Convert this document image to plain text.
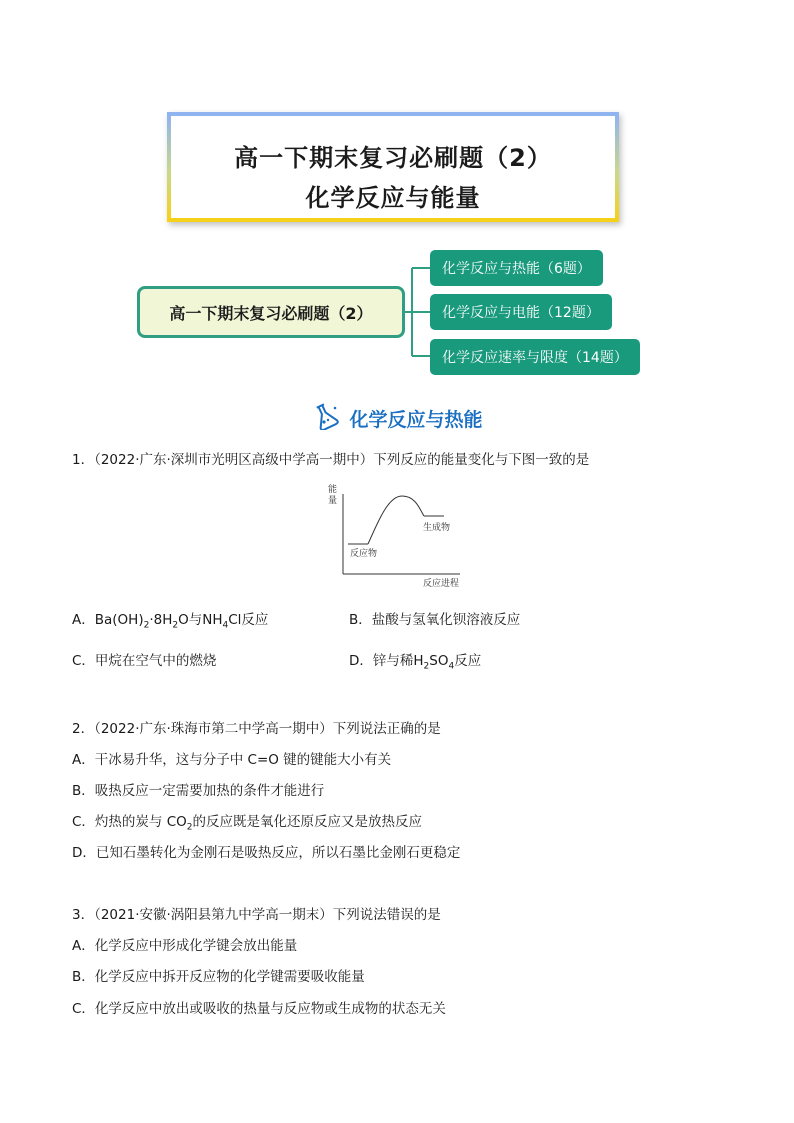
高一下期末复习必刷题（2）
化学反应与能量
高一下期末复习必刷题（2）
化学反应与热能（6题）
化学反应与电能（12题）
化学反应速率与限度（14题）
化学反应与热能
1．（2022·广东·深圳市光明区高级中学高一期中）下列反应的能量变化与下图一致的是
能
量
反应物
生成物
反应进程
A．$Ba(OH)_2\cdot 8H_2O$与$NH_4Cl$反应	B．盐酸与氢氧化钡溶液反应
C．甲烷在空气中的燃烧	D．锌与稀$H_2SO_4$反应
2．（2022·广东·珠海市第二中学高一期中）下列说法正确的是
A．干冰易升华，这与分子中 C=O 键的键能大小有关
B．吸热反应一定需要加热的条件才能进行
C．灼热的炭与 $CO_2$的反应既是氧化还原反应又是放热反应
D．已知石墨转化为金刚石是吸热反应，所以石墨比金刚石更稳定
3．（2021·安徽·涡阳县第九中学高一期末）下列说法错误的是
A．化学反应中形成化学键会放出能量
B．化学反应中拆开反应物的化学键需要吸收能量
C．化学反应中放出或吸收的热量与反应物或生成物的状态无关
